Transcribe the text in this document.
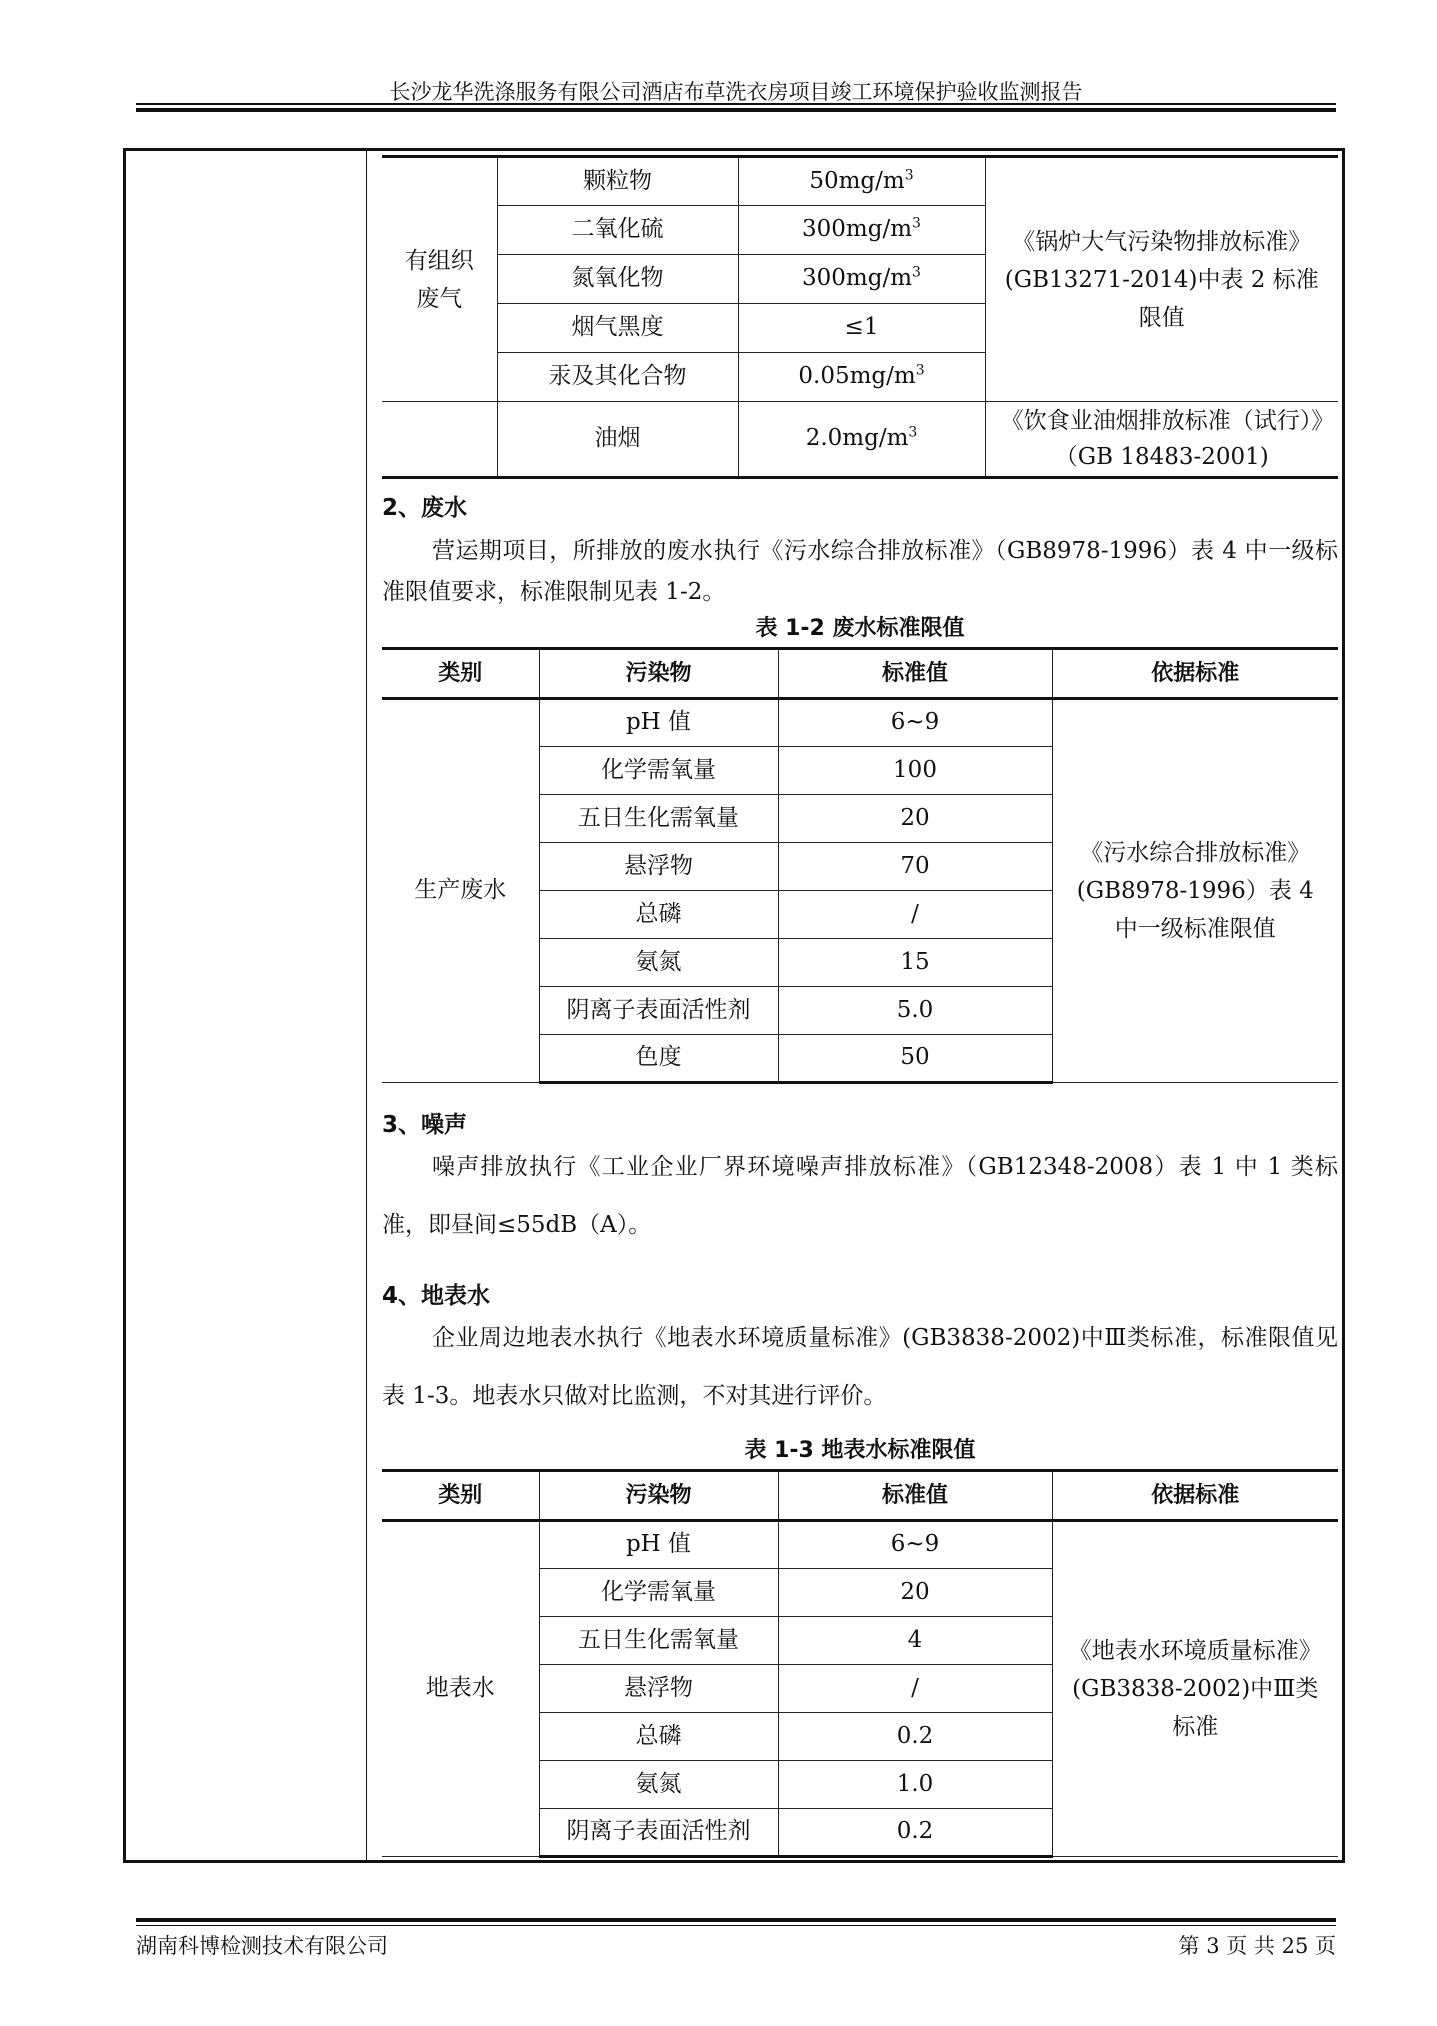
长沙龙华洗涤服务有限公司酒店布草洗衣房项目竣工环境保护验收监测报告
有组织废气	颗粒物	$50mg/m^3$	《锅炉大气污染物排放标准》(GB13271-2014)中表 2 标准限值
	二氧化硫	$300mg/m^3$
	氮氧化物	$300mg/m^3$
	烟气黑度	≤1	
	汞及其化合物	$0.05mg/m^3$
	油烟	$2.0mg/m^3$	《饮食业油烟排放标准（试行）》（GB 18483-2001)
2、废水
营运期项目，所排放的废水执行《污水综合排放标准》（GB8978-1996）表 4 中一级标准限值要求，标准限制见表 1-2。
表 1-2 废水标准限值
类别	污染物	标准值	依据标准
生产废水	pH 值	6~9	《污水综合排放标准》(GB8978-1996）表 4 中一级标准限值
	化学需氧量	100	
	五日生化需氧量	20	
	悬浮物	70	
	总磷	/	
	氨氮	15	
	阴离子表面活性剂	5.0	
	色度	50	
3、噪声
噪声排放执行《工业企业厂界环境噪声排放标准》（GB12348-2008）表 1 中 1 类标准，即昼间≤55dB（A）。
4、地表水
企业周边地表水执行《地表水环境质量标准》(GB3838-2002)中Ⅲ类标准，标准限值见表 1-3。地表水只做对比监测，不对其进行评价。
表 1-3 地表水标准限值
类别	污染物	标准值	依据标准
地表水	pH 值	6~9	《地表水环境质量标准》(GB3838-2002)中Ⅲ类标准
	化学需氧量	20	
	五日生化需氧量	4	
	悬浮物	/	
	总磷	0.2	
	氨氮	1.0	
	阴离子表面活性剂	0.2	
湖南科博检测技术有限公司	第 3 页 共 25 页
